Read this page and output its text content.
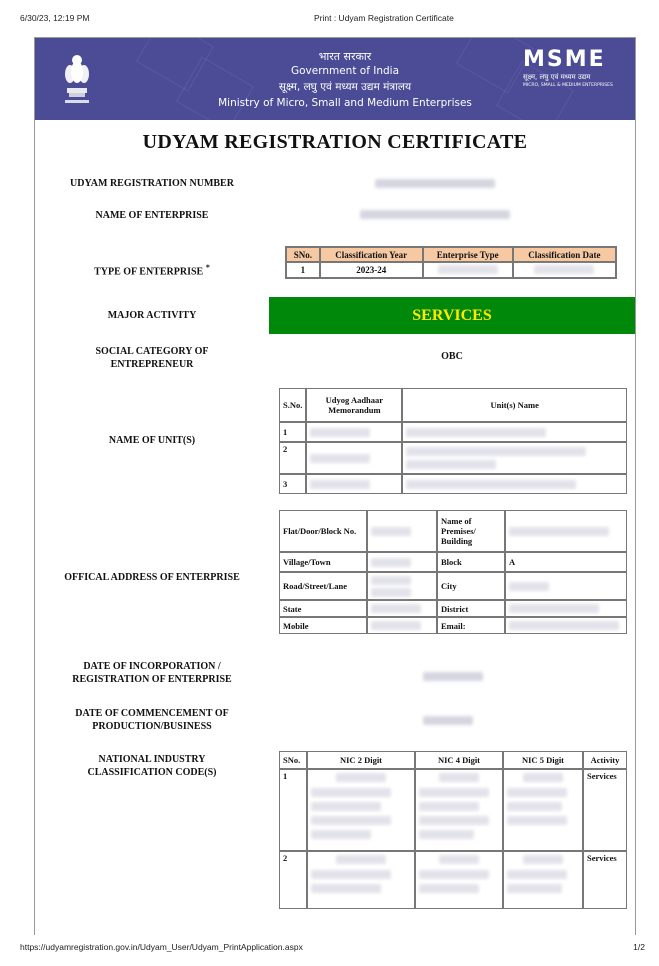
6/30/23, 12:19 PM	Print : Udyam Registration Certificate
भारत सरकार
Government of India
सूक्ष्म, लघु एवं मध्यम उद्यम मंत्रालय
Ministry of Micro, Small and Medium Enterprises
MSME
सूक्ष्म, लघु एवं मध्यम उद्यम
MICRO, SMALL & MEDIUM ENTERPRISES
UDYAM REGISTRATION CERTIFICATE
UDYAM REGISTRATION NUMBER
NAME OF ENTERPRISE
TYPE OF ENTERPRISE *
SNo.	Classification Year	Enterprise Type	Classification Date
1	2023-24		
MAJOR ACTIVITY	SERVICES
SOCIAL CATEGORY OF
ENTREPRENEUR
OBC
NAME OF UNIT(S)
S.No.	Udyog Aadhaar Memorandum	Unit(s) Name
1	

2	

3	

OFFICAL ADDRESS OF ENTERPRISE
Flat/Door/Block No.		Name of Premises/ Building	

Village/Town		Block	A
Road/Street/Lane		City	

State		District	

Mobile		Email:	
DATE OF INCORPORATION /
REGISTRATION OF ENTERPRISE
DATE OF COMMENCEMENT OF
PRODUCTION/BUSINESS
NATIONAL INDUSTRY
CLASSIFICATION CODE(S)
SNo.	NIC 2 Digit	NIC 4 Digit	NIC 5 Digit	Activity
1				Services
2				Services
https://udyamregistration.gov.in/Udyam_User/Udyam_PrintApplication.aspx	1/2
